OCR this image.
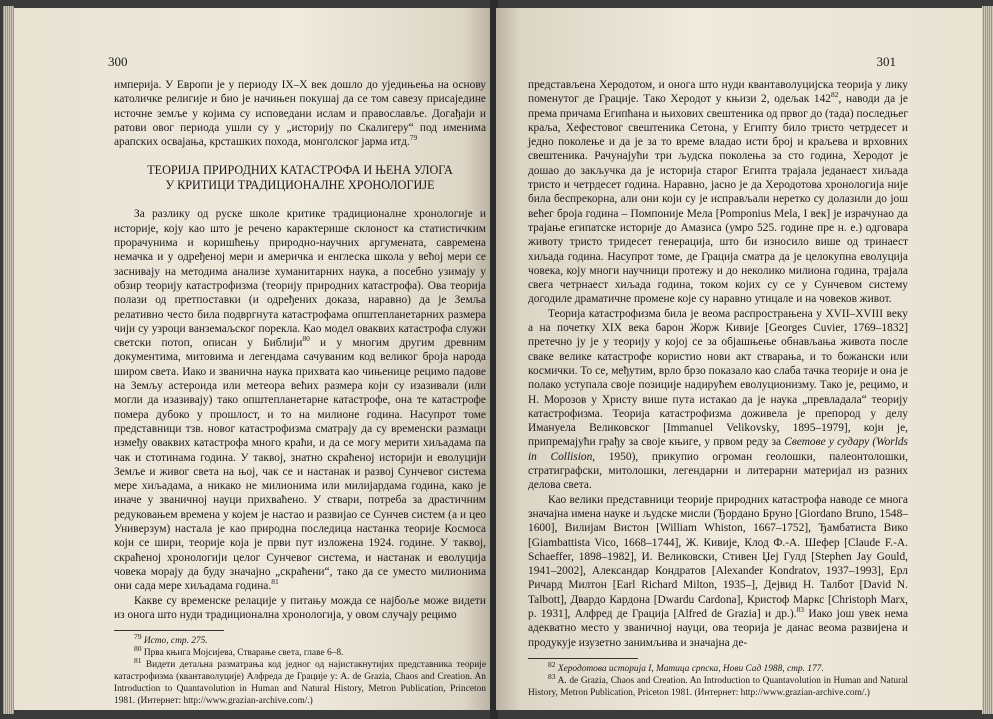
300

империја. У Европи је у периоду IX–X век дошло до уједињења на основу католичке религије и био је начињен покушај да се том савезу присаједине источне земље у којима су исповедани ислам и православље. Догађаји и ратови овог периода ушли су у „историју по Скалигеру“ под именима арапских освајања, крсташких похода, монголског јарма итд.$^{79}$

ТЕОРИЈА ПРИРОДНИХ КАТАСТРОФА И ЊЕНА УЛОГА
У КРИТИЦИ ТРАДИЦИОНАЛНЕ ХРОНОЛОГИЈЕ

За разлику од руске школе критике традиционалне хронологије и историје, коју као што је речено карактерише склоност ка статистичким прорачунима и коришћењу природно-научних аргумената, савремена немачка и у одређеној мери и америчка и енглеска школа у већој мери се заснивају на методима анализе хуманитарних наука, а посебно узимају у обзир теорију катастрофизма (теорију природних катастрофа). Ова теорија полази од претпоставки (и одређених доказа, наравно) да је Земља релативно често била подвргнута катастрофама општепланетарних размера чији су узроци ванземаљског порекла. Као модел оваквих катастрофа служи светски потоп, описан у Библији$^{80}$ и у многим другим древним документима, митовима и легендама сачуваним код великог броја народа широм света. Иако и званична наука прихвата као чињенице рецимо падове на Земљу астероида или метеора већих размера који су изазивали (или могли да изазивају) тако општепланетарне катастрофе, она те катастрофе помера дубоко у прошлост, и то на милионе година. Насупрот томе представници тзв. новог катастрофизма сматрају да су временски размаци између оваквих катастрофа много краћи, и да се могу мерити хиљадама па чак и стотинама година. У таквој, знатно скраћеној историји и еволуцији Земље и живог света на њој, чак се и настанак и развој Сунчевог система мере хиљадама, а никако не милионима или милијардама година, како је иначе у званичној науци прихваћено. У ствари, потреба за драстичним редуковањем времена у којем је настао и развијао се Сунчев систем (а и цео Универзум) настала је као природна последица настанка теорије Космоса који се шири, теорије која је први пут изложена 1924. године. У таквој, скраћеној хронологији целог Сунчевог система, и настанак и еволуција човека морају да буду значајно „скраћени“, тако да се уместо милионима они сада мере хиљадама година.$^{81}$

Какве су временске релације у питању можда се најбоље може видети из онога што нуди традиционална хронологија, у овом случају рецимо

$^{79}$ Исто, стр. 275.

$^{80}$ Прва књига Мојсијева, Стварање света, главе 6–8.

$^{81}$ Видети детаљна разматрања код једног од најистакнутијих представника теорије катастрофизма (квантаволуције) Алфреда де Грације у: A. de Grazia, Chaos and Creation. An Introduction to Quantavolution in Human and Natural History, Metron Publication, Princeton 1981. (Интернет: http://www.grazian-archive.com/.)

301

представљена Херодотом, и онога што нуди квантаволуцијска теорија у лику поменутог де Грације. Тако Херодот у књизи 2, одељак $142^{82}$, наводи да је према причама Египћана и њихових свештеника од првог до (тада) последњег краља, Хефестовог свештеника Сетона, у Египту било тристо четрдесет и једно поколење и да је за то време владао исти број и краљева и врховних свештеника. Рачунајући три људска поколења за сто година, Херодот је дошао до закључка да је историја старог Египта трајала једанаест хиљада тристо и четрдесет година. Наравно, јасно је да Херодотова хронологија није била беспрекорна, али они који су је исправљали неретко су долазили до још већег броја година – Помпоније Мела [Pomponius Mela, I век] је израчунао да трајање египатске историје до Амазиса (умро 525. године пре н. е.) одговара животу тристо тридесет генерација, што би износило више од тринаест хиљада година. Насупрот томе, де Грација сматра да је целокупна еволуција човека, коју многи научници протежу и до неколико милиона година, трајала свега четрнаест хиљада година, током којих су се у Сунчевом систему догодиле драматичне промене које су наравно утицале и на човеков живот.

Теорија катастрофизма била је веома распрострањена у XVII–XVIII веку а на почетку XIX века барон Жорж Кивије [Georges Cuvier, 1769–1832] претечно ју је у теорију у којој се за објашњење обнављања живота после сваке велике катастрофе користио нови акт стварања, и то божански или космички. То се, међутим, врло брзо показало као слаба тачка теорије и она је полако уступала своје позиције надирућем еволуционизму. Тако је, рецимо, и Н. Морозов у Христу више пута истакао да је наука „превладала“ теорију катастрофизма. Теорија катастрофизма доживела је препород у делу Имануела Великовског [Immanuel Velikovsky, 1895–1979], који је, припремајући грађу за своје књиге, у првом реду за Светове у судару (Worlds in Collision, 1950), прикупио огроман геолошки, палеонтолошки, стратиграфски, митолошки, легендарни и литерарни материјал из разних делова света.

Као велики представници теорије природних катастрофа наводе се многа значајна имена науке и људске мисли (Ђордано Бруно [Giordano Bruno, 1548–1600], Вилијам Вистон [William Whiston, 1667–1752], Ђамбатиста Вико [Giambattista Vico, 1668–1744], Ж. Кивије, Клод Ф.-А. Шефер [Claude F.-A. Schaeffer, 1898–1982], И. Великовски, Стивен Џеј Гулд [Stephen Jay Gould, 1941–2002], Александар Кондратов [Alexander Kondratov, 1937–1993], Ерл Ричард Милтон [Earl Richard Milton, 1935–], Дејвид Н. Талбот [David N. Talbott], Двардо Кардона [Dwardu Cardona], Кристоф Маркс [Christoph Marx, p. 1931], Алфред де Грација [Alfred de Grazia] и др.).$^{83}$ Иако још увек нема адекватно место у званичној науци, ова теорија је данас веома развијена и продукује изузетно занимљива и значајна де-

$^{82}$ Херодотова историја I, Матица српска, Нови Сад 1988, стр. 177.

$^{83}$ A. de Grazia, Chaos and Creation. An Introduction to Quantavolution in Human and Natural History, Metron Publication, Priceton 1981. (Интернет: http://www.grazian-archive.com/.)
